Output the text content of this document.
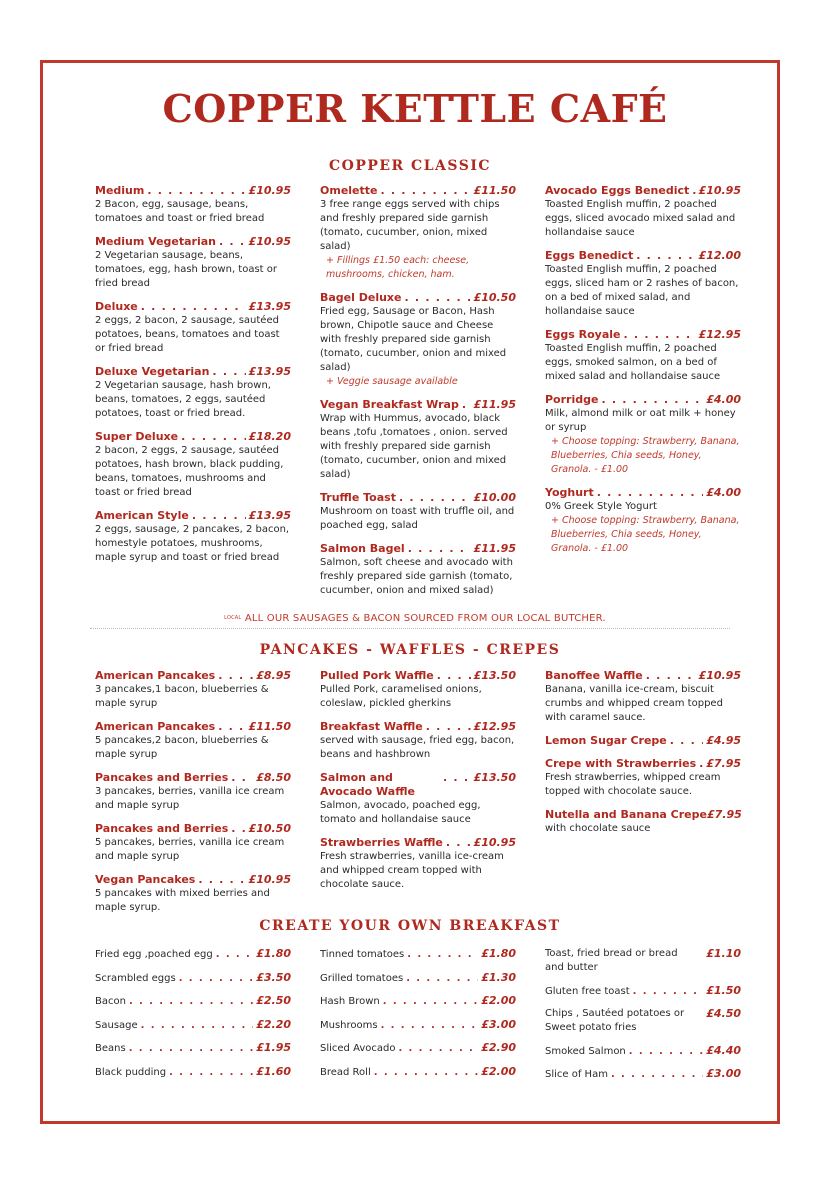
COPPER KETTLE CAFÉ
COPPER CLASSIC
Medium . . .	£10.95
2 Bacon, egg, sausage, beans, tomatoes and toast or fried bread
Medium Vegetarian . . .	£10.95
2 Vegetarian sausage, beans, tomatoes, egg, hash brown, toast or fried bread
Deluxe . . .	£13.95
2 eggs, 2 bacon, 2 sausage, sautéed potatoes, beans, tomatoes and toast or fried bread
Deluxe Vegetarian . . .	£13.95
2 Vegetarian sausage, hash brown, beans, tomatoes, 2 eggs, sautéed potatoes, toast or fried bread.
Super Deluxe . . .	£18.20
2 bacon, 2 eggs, 2 sausage, sautéed potatoes, hash brown, black pudding, beans, tomatoes, mushrooms and toast or fried bread
American Style . . .	£13.95
2 eggs, sausage, 2 pancakes, 2 bacon, homestyle potatoes, mushrooms, maple syrup and toast or fried bread
Omelette . . .	£11.50
3 free range eggs served with chips and freshly prepared side garnish (tomato, cucumber, onion, mixed salad)
+ Fillings £1.50 each: cheese, mushrooms, chicken, ham.
Bagel Deluxe . . .	£10.50
Fried egg, Sausage or Bacon, Hash brown, Chipotle sauce and Cheese with freshly prepared side garnish (tomato, cucumber, onion and mixed salad)
+ Veggie sausage available
Vegan Breakfast Wrap . . . £11.95
Wrap with Hummus, avocado, black beans ,tofu ,tomatoes , onion. served with freshly prepared side garnish (tomato, cucumber, onion and mixed salad)
Truffle Toast . . .	£10.00
Mushroom on toast with truffle oil, and poached egg, salad
Salmon Bagel . . .	£11.95
Salmon, soft cheese and avocado with freshly prepared side garnish (tomato, cucumber, onion and mixed salad)
Avocado Eggs Benedict . . . £10.95
Toasted English muffin, 2 poached eggs, sliced avocado mixed salad and hollandaise sauce
Eggs Benedict . . .	£12.00
Toasted English muffin, 2 poached eggs, sliced ham or 2 rashes of bacon, on a bed of mixed salad, and hollandaise sauce
Eggs Royale . . .	£12.95
Toasted English muffin, 2 poached eggs, smoked salmon, on a bed of mixed salad and hollandaise sauce
Porridge . . .	£4.00
Milk, almond milk or oat milk + honey or syrup
+ Choose topping: Strawberry, Banana, Blueberries, Chia seeds, Honey, Granola. - £1.00
Yoghurt . . .	£4.00
0% Greek Style Yogurt
+ Choose topping: Strawberry, Banana, Blueberries, Chia seeds, Honey, Granola. - £1.00
LOCAL ALL OUR SAUSAGES & BACON SOURCED FROM OUR LOCAL BUTCHER.
PANCAKES - WAFFLES - CREPES
American Pancakes . . .	£8.95
3 pancakes,1 bacon, blueberries & maple syrup
American Pancakes . . .	£11.50
5 pancakes,2 bacon, blueberries & maple syrup
Pancakes and Berries . . .	£8.50
3 pancakes, berries, vanilla ice cream and maple syrup
Pancakes and Berries . . . £10.50
5 pancakes, berries, vanilla ice cream and maple syrup
Vegan Pancakes . . .	£10.95
5 pancakes with mixed berries and maple syrup.
Pulled Pork Waffle . . .	£13.50
Pulled Pork, caramelised onions, coleslaw, pickled gherkins
Breakfast Waffle . . .	£12.95
served with sausage, fried egg, bacon, beans and hashbrown
Salmon and Avocado Waffle
. . .
£13.50
Salmon, avocado, poached egg, tomato and hollandaise sauce
Strawberries Waffle . . .	£10.95
Fresh strawberries, vanilla ice-cream and whipped cream topped with chocolate sauce.
Banoffee Waffle . . .	£10.95
Banana, vanilla ice-cream, biscuit crumbs and whipped cream topped with caramel sauce.
Lemon Sugar Crepe . . .	£4.95
Crepe with Strawberries . . . £7.95
Fresh strawberries, whipped cream topped with chocolate sauce.
Nutella and Banana Crepe £7.95
with chocolate sauce
CREATE YOUR OWN BREAKFAST
Fried egg ,poached egg . . .	£1.80
Scrambled eggs . . .	£3.50
Bacon . . .	£2.50
Sausage . . .	£2.20
Beans . . .	£1.95
Black pudding . . .	£1.60
Tinned tomatoes . . .	£1.80
Grilled tomatoes . . .	£1.30
Hash Brown . . .	£2.00
Mushrooms . . .	£3.00
Sliced Avocado . . .	£2.90
Bread Roll . . .	£2.00
Toast, fried bread or bread and butter
£1.10
Gluten free toast . . .	£1.50
Chips , Sautéed potatoes or Sweet potato fries
£4.50
Smoked Salmon . . .	£4.40
Slice of Ham . . .	£3.00
